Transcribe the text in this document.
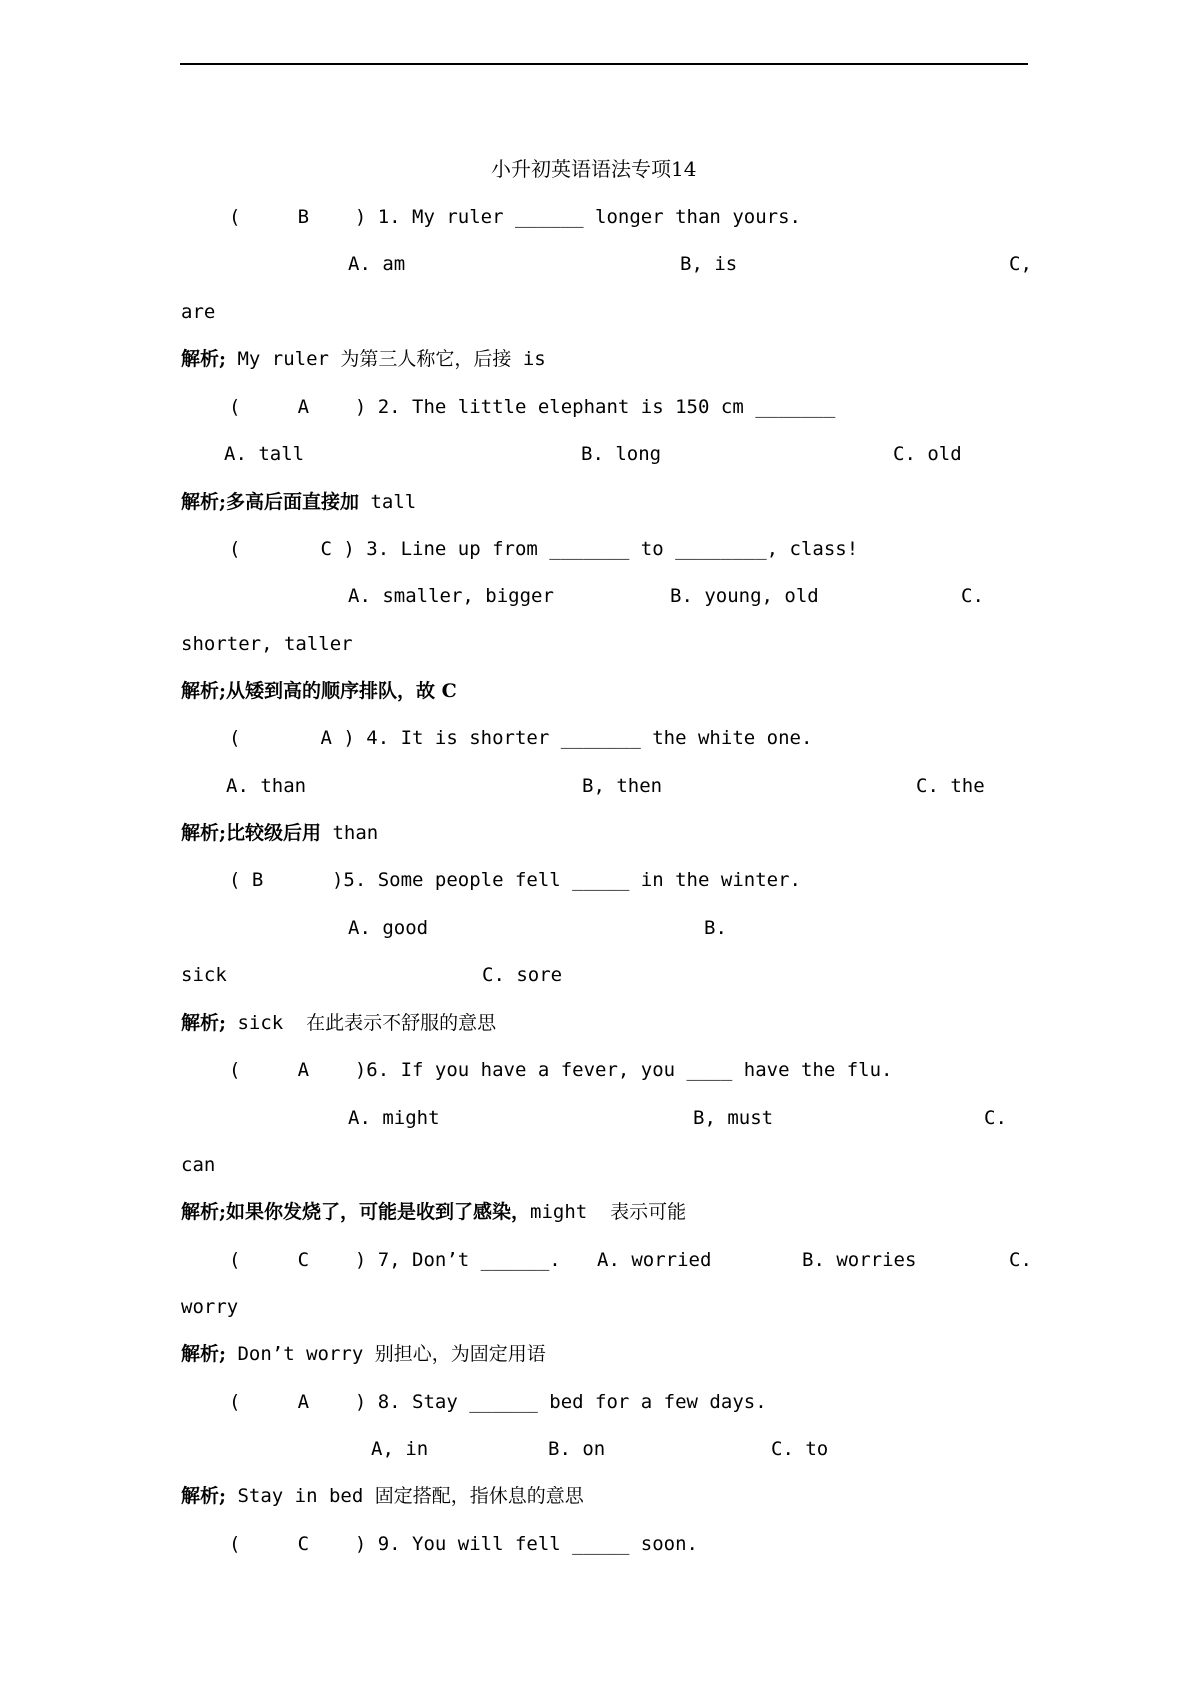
小升初英语语法专项14
(     B    ) 1. My ruler ______ longer than yours.
A. am	B, is	C,
are
解析; My ruler 为第三人称它，后接 is
(     A    ) 2. The little elephant is 150 cm _______
A. tall	B. long	C. old
解析;多高后面直接加 tall
(       C ) 3. Line up from _______ to ________, class!
A. smaller, bigger	B. young, old	C.
shorter, taller
解析;从矮到高的顺序排队，故 C
(       A ) 4. It is shorter _______ the white one.
A. than	B, then	C. the
解析;比较级后用 than
( B      )5. Some people fell _____ in the winter.
A. good	B.
sick	C. sore
解析; sick  在此表示不舒服的意思
(     A    )6. If you have a fever, you ____ have the flu.
A. might	B, must	C.
can
解析;如果你发烧了，可能是收到了感染，might  表示可能
(     C    ) 7, Don’t ______. A. worried	B. worries	C.
worry
解析; Don’t worry 别担心，为固定用语
(     A    ) 8. Stay ______ bed for a few days.
A, in	B. on	C. to
解析; Stay in bed 固定搭配，指休息的意思
(     C    ) 9. You will fell _____ soon.
